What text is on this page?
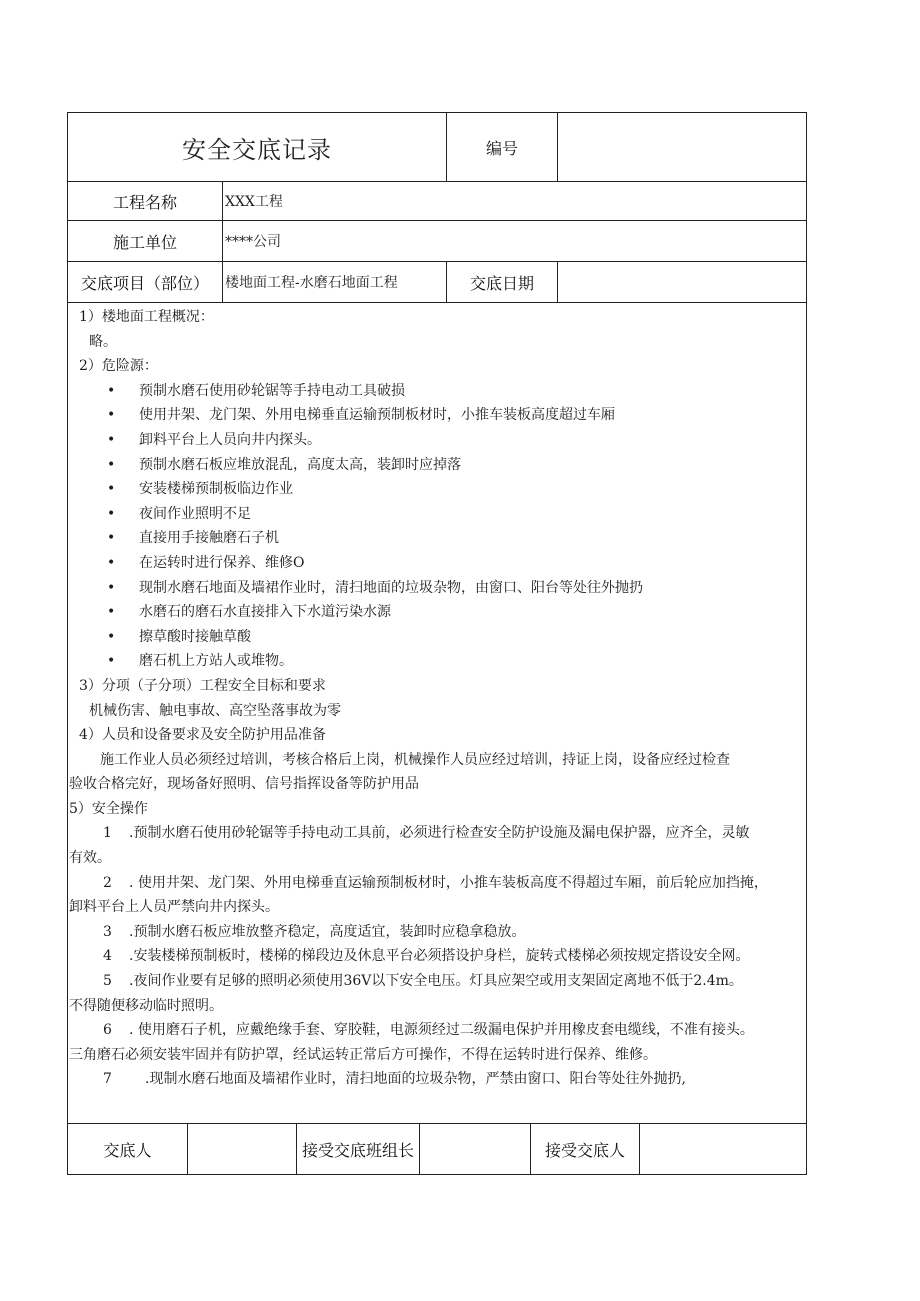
安全交底记录	编号
工程名称	XXX工程
施工单位	****公司
交底项目（部位）	楼地面工程-水磨石地面工程	交底日期

1）楼地面工程概况：

略。

2）危险源：

•	预制水磨石使用砂轮锯等手持电动工具破损
•	使用井架、龙门架、外用电梯垂直运输预制板材时，小推车装板高度超过车厢
•	卸料平台上人员向井内探头。
•	预制水磨石板应堆放混乱，高度太高，装卸时应掉落
•	安装楼梯预制板临边作业
•	夜间作业照明不足
•	直接用手接触磨石子机
•	在运转时进行保养、维修O
•	现制水磨石地面及墙裙作业时，清扫地面的垃圾杂物，由窗口、阳台等处往外抛扔
•	水磨石的磨石水直接排入下水道污染水源
•	擦草酸时接触草酸
•	磨石机上方站人或堆物。

3）分项（子分项）工程安全目标和要求

机械伤害、触电事故、高空坠落事故为零

4）人员和设备要求及安全防护用品准备

施工作业人员必须经过培训，考核合格后上岗，机械操作人员应经过培训，持证上岗，设备应经过检查

验收合格完好，现场备好照明、信号指挥设备等防护用品

5）安全操作

1	.预制水磨石使用砂轮锯等手持电动工具前，必须进行检查安全防护设施及漏电保护器，应齐全，灵敏

有效。

2	. 使用井架、龙门架、外用电梯垂直运输预制板材时，小推车装板高度不得超过车厢，前后轮应加挡掩，

卸料平台上人员严禁向井内探头。

3	.预制水磨石板应堆放整齐稳定，高度适宜，装卸时应稳拿稳放。
4	.安装楼梯预制板时，楼梯的梯段边及休息平台必须搭设护身栏，旋转式楼梯必须按规定搭设安全网。
5	.夜间作业要有足够的照明必须使用36V以下安全电压。灯具应架空或用支架固定离地不低于2.4m。

不得随便移动临时照明。

6	. 使用磨石子机，应戴绝缘手套、穿胶鞋，电源须经过二级漏电保护并用橡皮套电缆线，不准有接头。

三角磨石必须安装牢固并有防护罩，经试运转正常后方可操作，不得在运转时进行保养、维修。

7	.现制水磨石地面及墙裙作业时，清扫地面的垃圾杂物，严禁由窗口、阳台等处往外抛扔,
交底人	接受交底班组长	接受交底人
